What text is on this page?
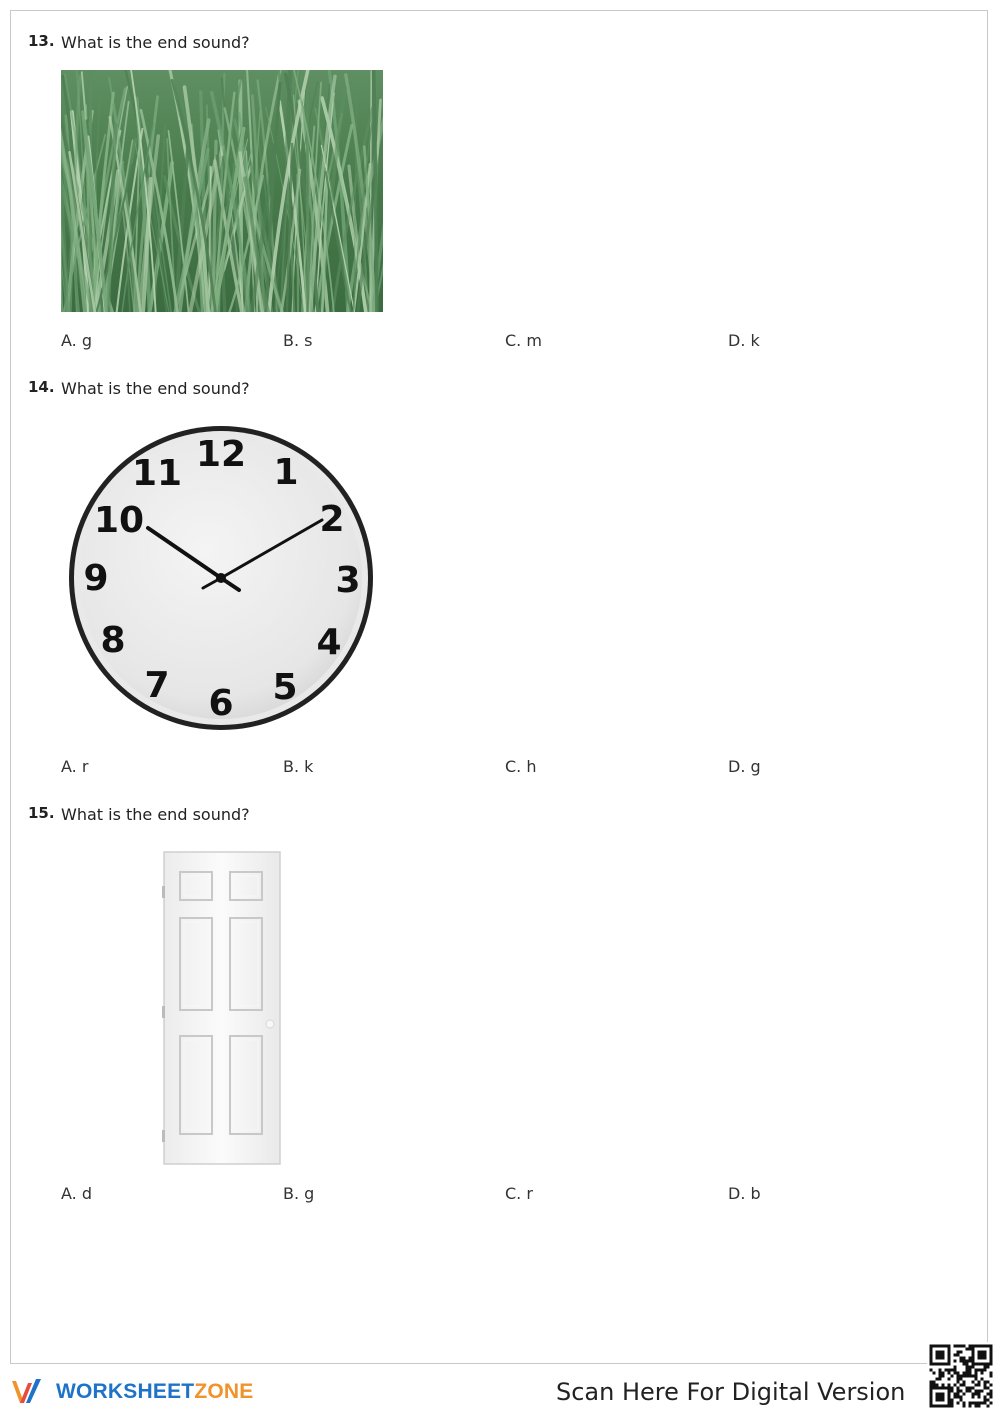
13. What is the end sound?
A. g	B. s	C. m	D. k
14. What is the end sound?
12 1
2
3
4
5
6
7
8
9
10
11
A. r	B. k	C. h	D. g
15. What is the end sound?
A. d	B. g	C. r	D. b
WORKSHEETZONE	Scan Here For Digital Version
